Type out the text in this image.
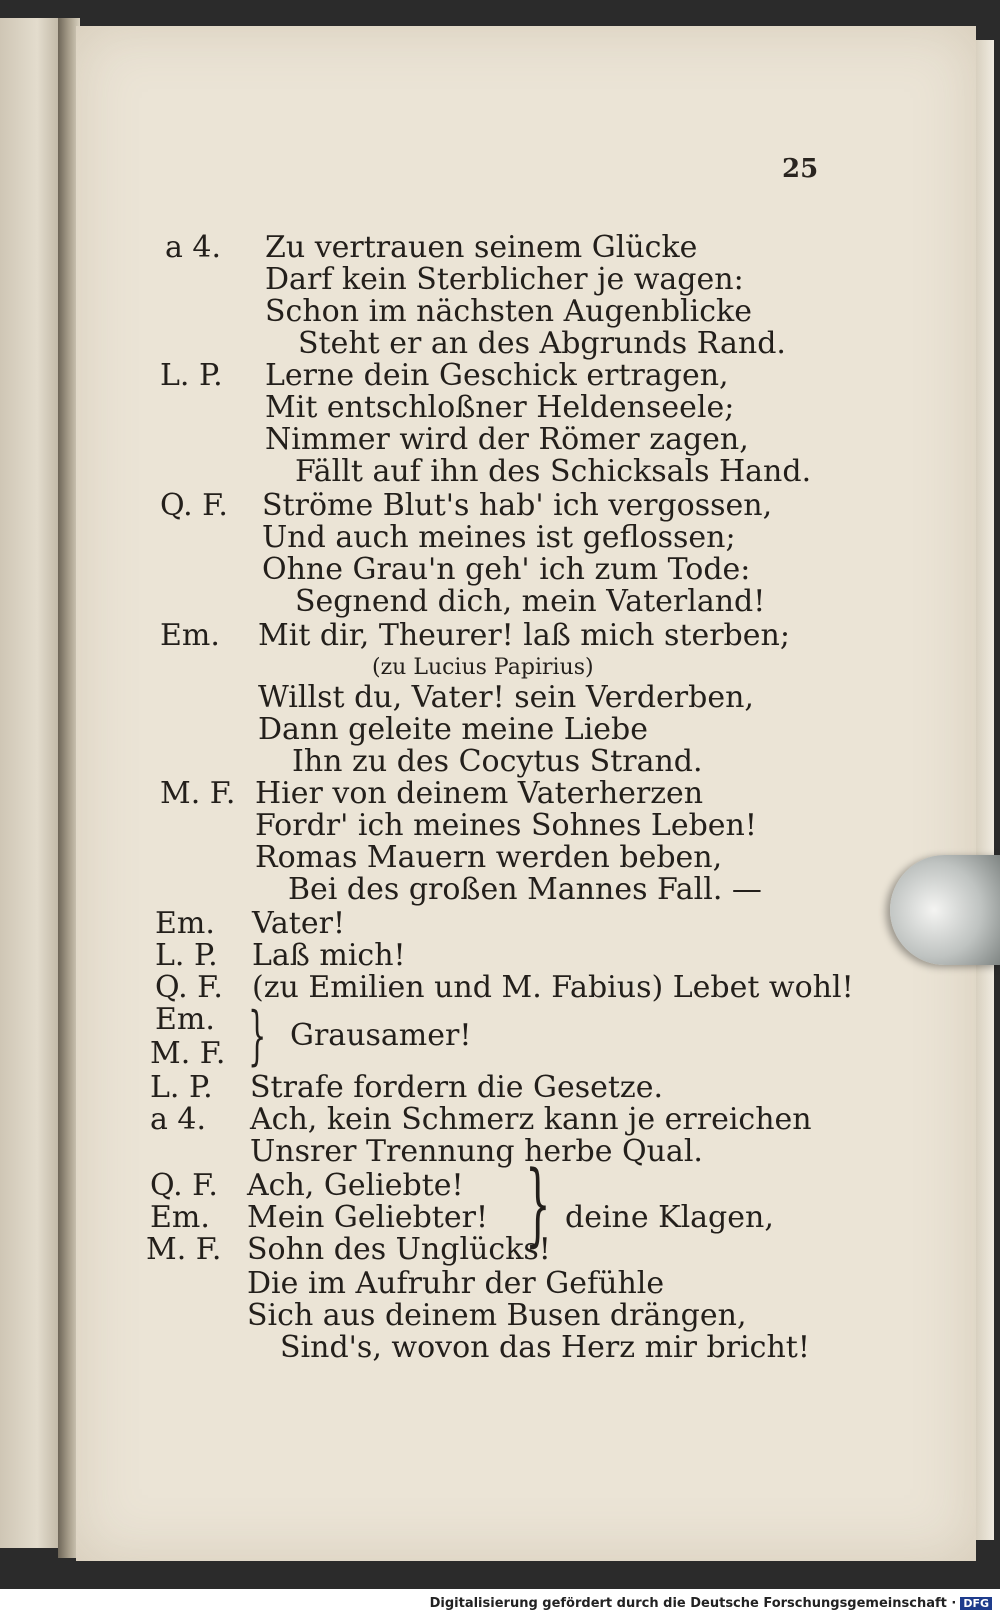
25
a 4. Zu vertrauen seinem Glücke
Darf kein Sterblicher je wagen:
Schon im nächsten Augenblicke
Steht er an des Abgrunds Rand.
L. P. Lerne dein Geschick ertragen,
Mit entschloßner Heldenseele;
Nimmer wird der Römer zagen,
Fällt auf ihn des Schicksals Hand.
Q. F. Ströme Blut's hab' ich vergossen,
Und auch meines ist geflossen;
Ohne Grau'n geh' ich zum Tode:
Segnend dich, mein Vaterland!
Em. Mit dir, Theurer! laß mich sterben;
(zu Lucius Papirius)
Willst du, Vater! sein Verderben,
Dann geleite meine Liebe
Ihn zu des Cocytus Strand.
M. F. Hier von deinem Vaterherzen
Fordr' ich meines Sohnes Leben!
Romas Mauern werden beben,
Bei des großen Mannes Fall. —
Em. Vater!
L. P. Laß mich!
Q. F. (zu Emilien und M. Fabius) Lebet wohl!
Em.
M. F. } Grausamer!
L. P. Strafe fordern die Gesetze.
a 4. Ach, kein Schmerz kann je erreichen
Unsrer Trennung herbe Qual.
Q. F. Ach, Geliebte!
Em. Mein Geliebter!
M. F. Sohn des Unglücks!
} deine Klagen,
Die im Aufruhr der Gefühle
Sich aus deinem Busen drängen,
Sind's, wovon das Herz mir bricht!
Digitalisierung gefördert durch die Deutsche Forschungsgemeinschaft · DFG
